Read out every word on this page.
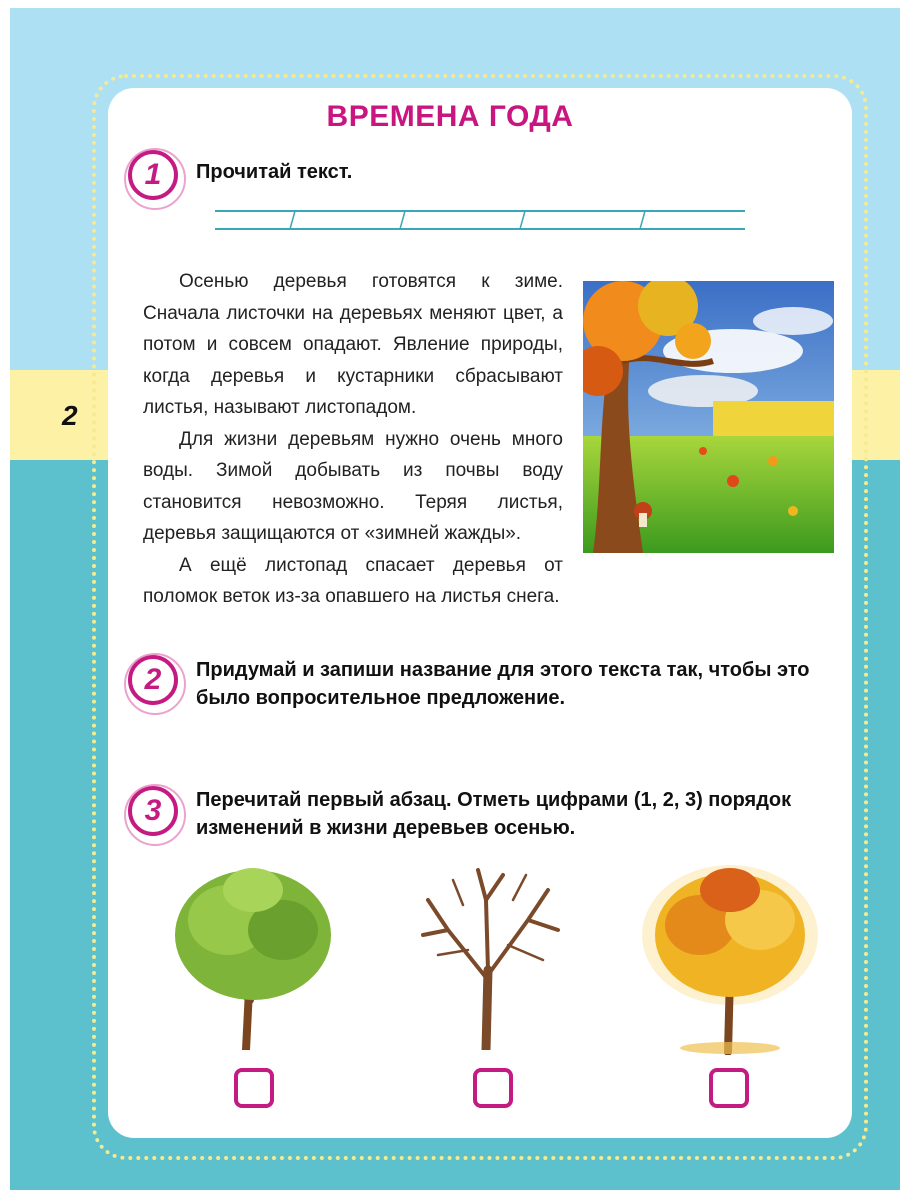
2
ВРЕМЕНА ГОДА
1	Прочитай текст.

Осенью деревья готовятся к зиме. Сначала листочки на деревьях меняют цвет, а потом и совсем опадают. Явление природы, когда деревья и кустарники сбрасывают листья, называют листопадом.

Для жизни деревьям нужно очень много воды. Зимой добывать из почвы воду становится невозможно. Теряя листья, деревья защищаются от «зимней жажды».

А ещё листопад спасает деревья от поломок веток из-за опавшего на листья снега.

2	Придумай и запиши название для этого текста так, чтобы это было вопросительное предложение.
3	Перечитай первый абзац. Отметь цифрами (1, 2, 3) порядок изменений в жизни деревьев осенью.
